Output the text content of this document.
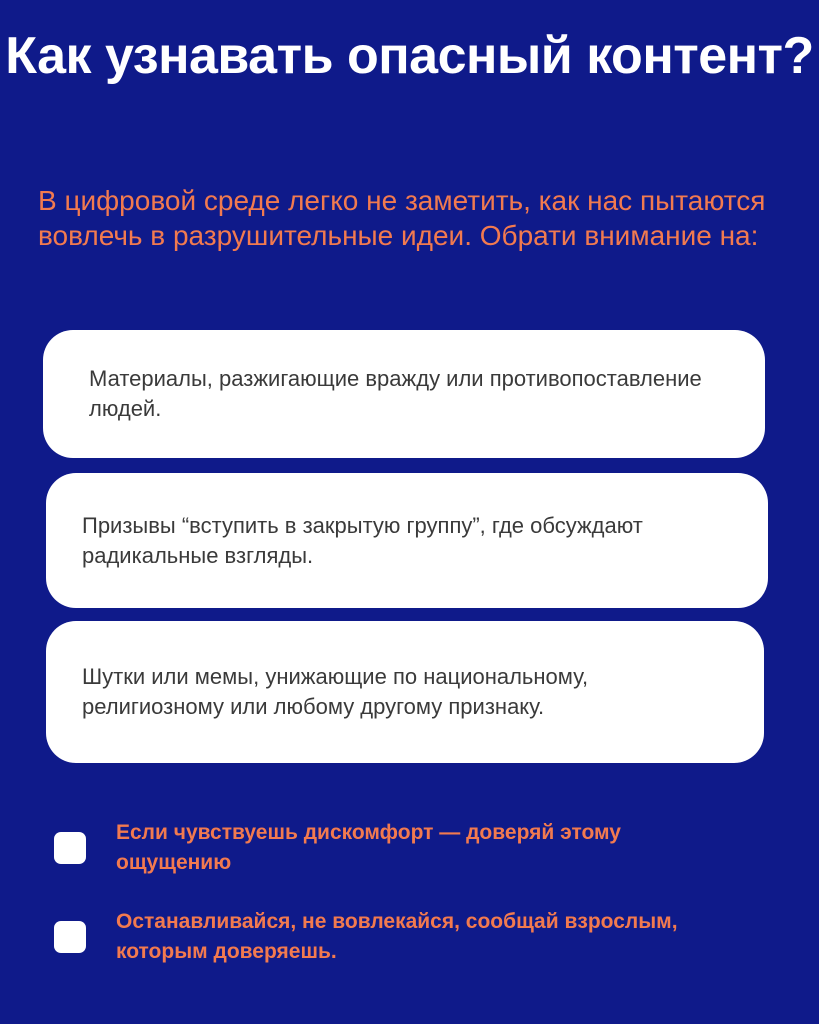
Как узнавать опасный контент?

В цифровой среде легко не заметить, как нас пытаются вовлечь в разрушительные идеи. Обрати внимание на:

Материалы, разжигающие вражду или противопоставление людей.
Призывы “вступить в закрытую группу”, где обсуждают радикальные взгляды.
Шутки или мемы, унижающие по национальному, религиозному или любому другому признаку.
Если чувствуешь дискомфорт — доверяй этому ощущению
Останавливайся, не вовлекайся, сообщай взрослым, которым доверяешь.
